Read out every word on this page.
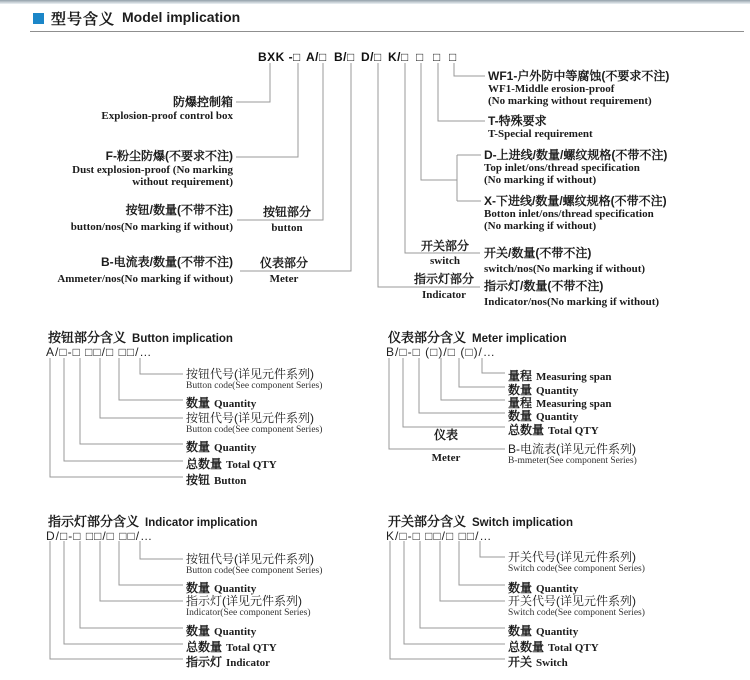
型号含义 Model implication
BXK - □ A/□ B/□ D/□ K/□ □ □ □
防爆控制箱
Explosion-proof control box
F-粉尘防爆(不要求不注)
Dust explosion-proof (No marking
without requirement)
按钮/数量(不带不注)
button/nos(No marking if without)
B-电流表/数量(不带不注)
Ammeter/nos(No marking if without)
按钮部分
button
仪表部分
Meter
开关部分
switch
指示灯部分
Indicator
WF1-户外防中等腐蚀(不要求不注)
WF1-Middle erosion-proof
(No marking without requirement)
T-特殊要求
T-Special requirement
D-上进线/数量/螺纹规格(不带不注)
Top inlet/ons/thread specification
(No marking if without)
X-下进线/数量/螺纹规格(不带不注)
Botton inlet/ons/thread specification
(No marking if without)
开关/数量(不带不注)
switch/nos(No marking if without)
指示灯/数量(不带不注)
Indicator/nos(No marking if without)
按钮部分含义 Button implication
A/□-□ □□/□ □□/…
按钮代号(详见元件系列)
Button code(See component Series)
数量 Quantity
按钮代号(详见元件系列)
Button code(See component Series)
数量 Quantity
总数量 Total QTY
按钮 Button
仪表部分含义 Meter implication
B/□-□ (□)/□ (□)/…
量程 Measuring span
数量 Quantity
量程 Measuring span
数量 Quantity
总数量 Total QTY
B-电流表(详见元件系列)
B-mmeter(See component Series)
仪表
Meter
指示灯部分含义 Indicator implication
D/□-□ □□/□ □□/…
按钮代号(详见元件系列)
Button code(See component Series)
数量 Quantity
指示灯(详见元件系列)
Indicator(See component Series)
数量 Quantity
总数量 Total QTY
指示灯 Indicator
开关部分含义 Switch implication
K/□-□ □□/□ □□/…
开关代号(详见元件系列)
Switch code(See component Series)
数量 Quantity
开关代号(详见元件系列)
Switch code(See component Series)
数量 Quantity
总数量 Total QTY
开关 Switch
